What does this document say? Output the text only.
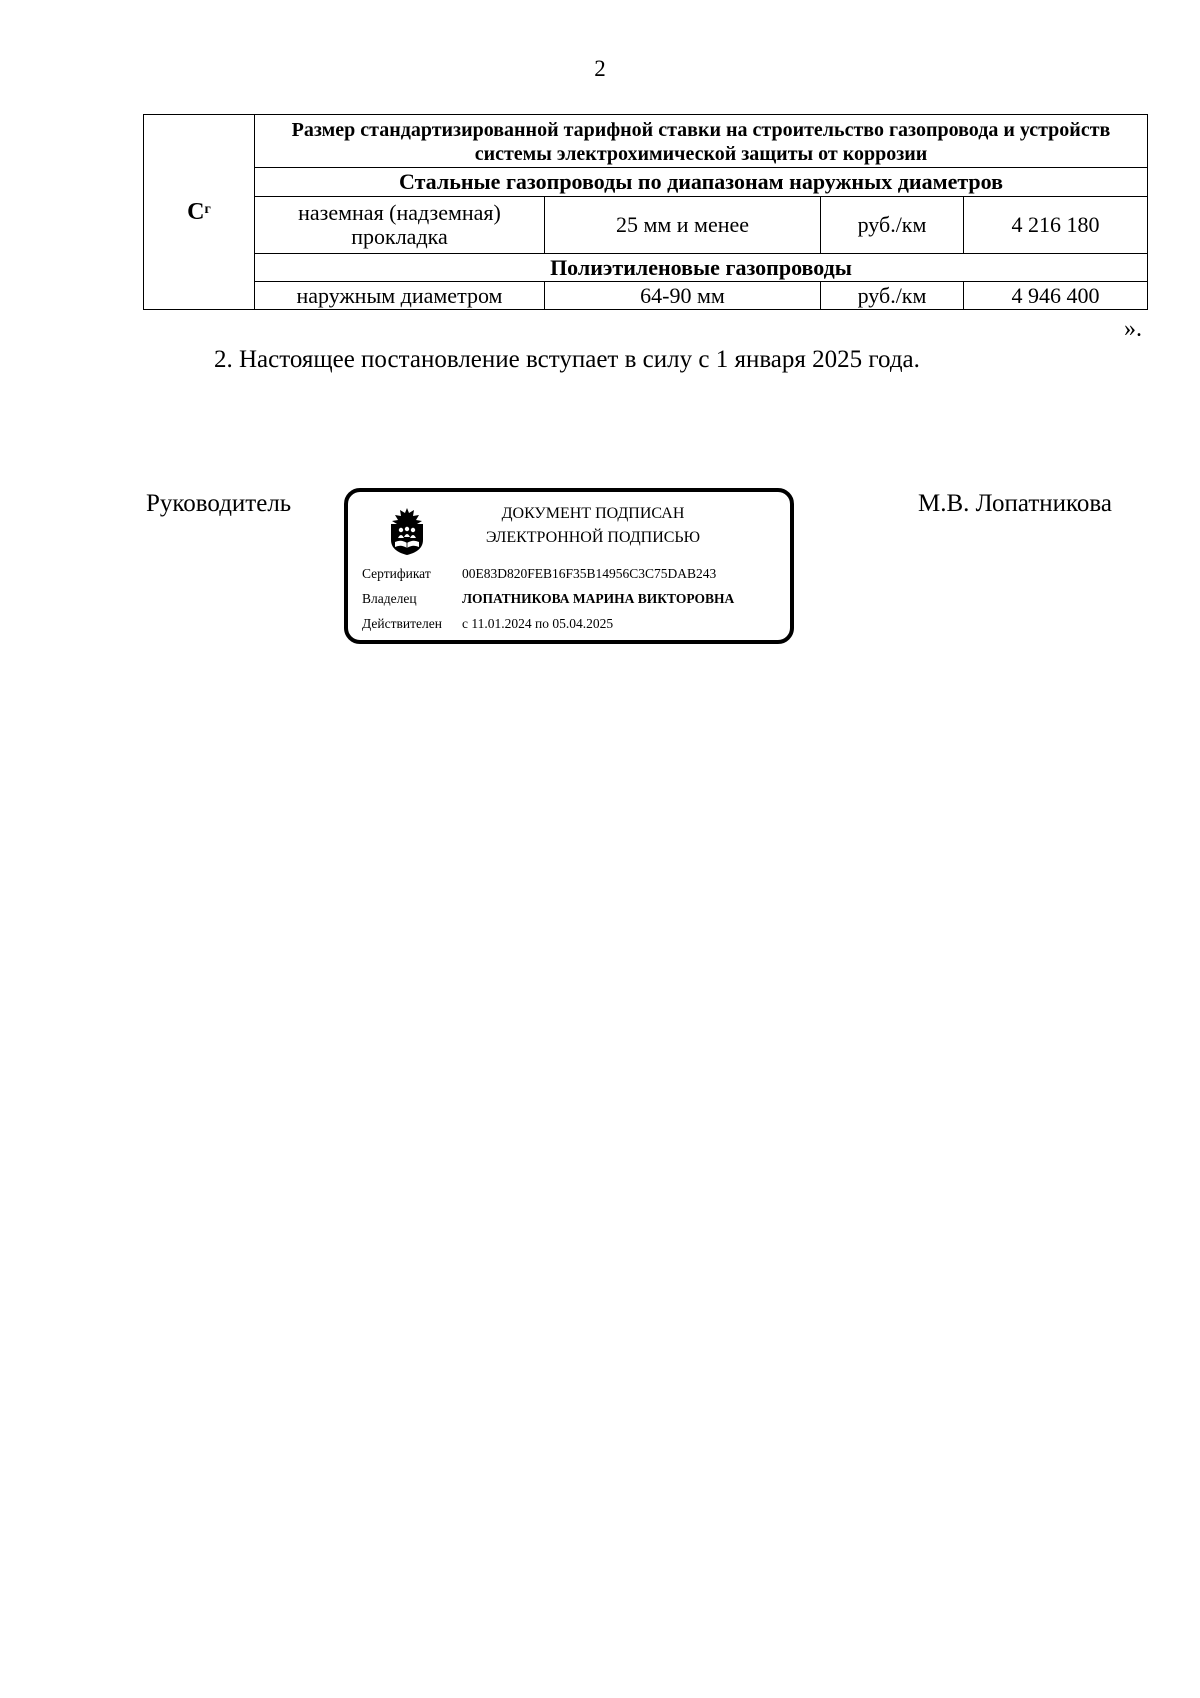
2
$С^г$	Размер стандартизированной тарифной ставки на строительство газопровода и устройств системы электрохимической защиты от коррозии			
	Стальные газопроводы по диапазонам наружных диаметров			
	наземная (надземная) прокладка	25 мм и менее	руб./км	4 216 180
	Полиэтиленовые газопроводы			
	наружным диаметром	64-90 мм	руб./км	4 946 400
».
2. Настоящее постановление вступает в силу с 1 января 2025 года.
Руководитель	М.В. Лопатникова
ДОКУМЕНТ ПОДПИСАН
ЭЛЕКТРОННОЙ ПОДПИСЬЮ
Сертификат 00E83D820FEB16F35B14956C3C75DAB243
Владелец	ЛОПАТНИКОВА МАРИНА ВИКТОРОВНА
Действителен с 11.01.2024 по 05.04.2025
